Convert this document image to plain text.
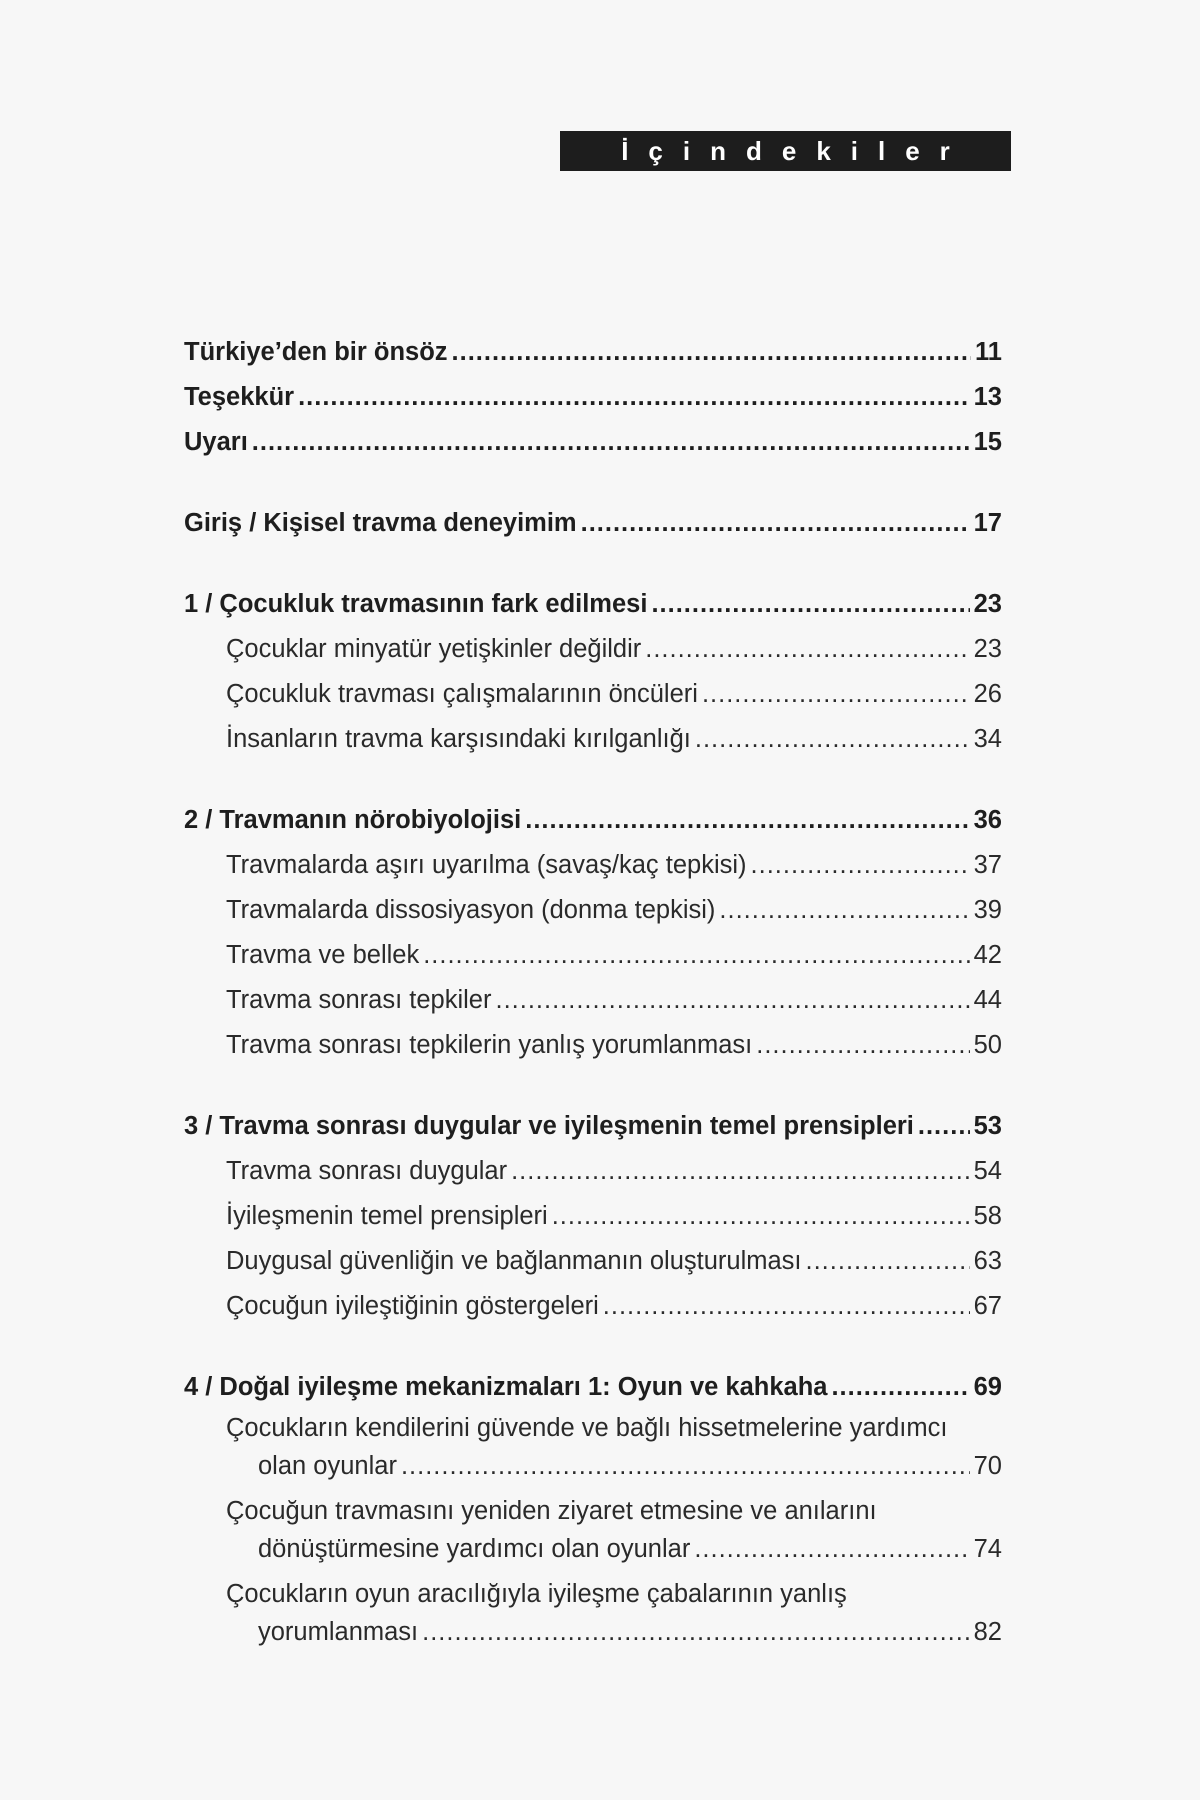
İçindekiler
Türkiye’den bir önsöz .....	11
Teşekkür .....	13
Uyarı .....	15
Giriş / Kişisel travma deneyimim .....	17
1 / Çocukluk travmasının fark edilmesi .....	23
Çocuklar minyatür yetişkinler değildir .....	23
Çocukluk travması çalışmalarının öncüleri .....	26
İnsanların travma karşısındaki kırılganlığı .....	34
2 / Travmanın nörobiyolojisi .....	36
Travmalarda aşırı uyarılma (savaş/kaç tepkisi) .....	37
Travmalarda dissosiyasyon (donma tepkisi) .....	39
Travma ve bellek .....	42
Travma sonrası tepkiler .....	44
Travma sonrası tepkilerin yanlış yorumlanması .....	50
3 / Travma sonrası duygular ve iyileşmenin temel prensipleri ..... 53
Travma sonrası duygular .....	54
İyileşmenin temel prensipleri .....	58
Duygusal güvenliğin ve bağlanmanın oluşturulması .....	63
Çocuğun iyileştiğinin göstergeleri .....	67
4 / Doğal iyileşme mekanizmaları 1: Oyun ve kahkaha .....	69
Çocukların kendilerini güvende ve bağlı hissetmelerine yardımcı
olan oyunlar .....	70
Çocuğun travmasını yeniden ziyaret etmesine ve anılarını
dönüştürmesine yardımcı olan oyunlar .....	74
Çocukların oyun aracılığıyla iyileşme çabalarının yanlış
yorumlanması .....	82
